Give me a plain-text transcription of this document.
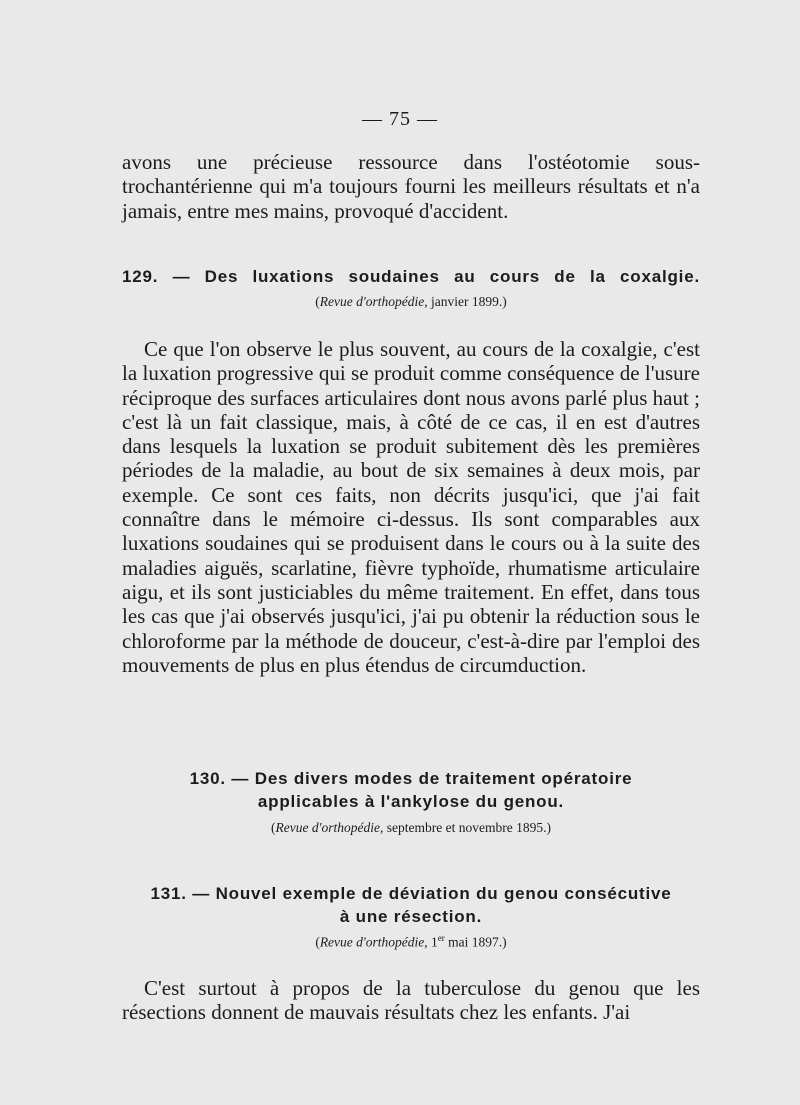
— 75 —

avons une précieuse ressource dans l'ostéotomie sous-trochantérienne qui m'a toujours fourni les meilleurs résultats et n'a jamais, entre mes mains, provoqué d'accident.

129. — Des luxations soudaines au cours de la coxalgie.
(Revue d'orthopédie, janvier 1899.)

Ce que l'on observe le plus souvent, au cours de la coxalgie, c'est la luxation progressive qui se produit comme conséquence de l'usure réciproque des surfaces articulaires dont nous avons parlé plus haut ; c'est là un fait classique, mais, à côté de ce cas, il en est d'autres dans lesquels la luxation se produit subitement dès les premières périodes de la maladie, au bout de six semaines à deux mois, par exemple. Ce sont ces faits, non décrits jusqu'ici, que j'ai fait connaître dans le mémoire ci-dessus. Ils sont comparables aux luxations soudaines qui se produisent dans le cours ou à la suite des maladies aiguës, scarlatine, fièvre typhoïde, rhumatisme articulaire aigu, et ils sont justiciables du même traitement. En effet, dans tous les cas que j'ai observés jusqu'ici, j'ai pu obtenir la réduction sous le chloroforme par la méthode de douceur, c'est-à-dire par l'emploi des mouvements de plus en plus étendus de circumduction.

130. — Des divers modes de traitement opératoire
applicables à l'ankylose du genou.
(Revue d'orthopédie, septembre et novembre 1895.)
131. — Nouvel exemple de déviation du genou consécutive
à une résection.
(Revue d'orthopédie, 1er mai 1897.)

C'est surtout à propos de la tuberculose du genou que les résections donnent de mauvais résultats chez les enfants. J'ai
